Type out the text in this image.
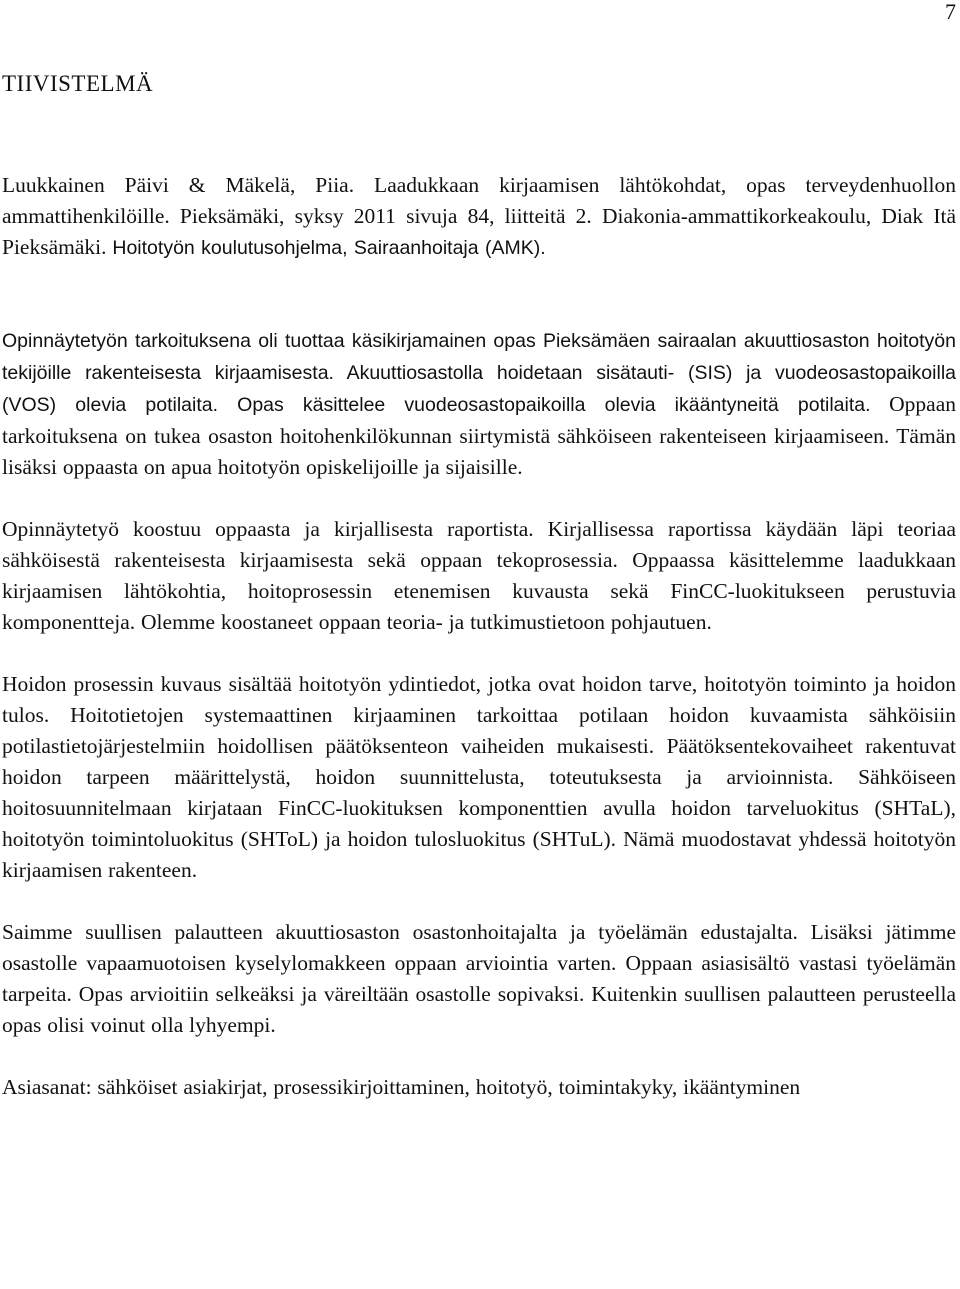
7
TIIVISTELMÄ

Luukkainen Päivi & Mäkelä, Piia. Laadukkaan kirjaamisen lähtökohdat, opas terveydenhuollon ammattihenkilöille. Pieksämäki, syksy 2011 sivuja 84, liitteitä 2. Diakonia-ammattikorkeakoulu, Diak Itä Pieksämäki. Hoitotyön koulutusohjelma, Sairaanhoitaja (AMK).

Opinnäytetyön tarkoituksena oli tuottaa käsikirjamainen opas Pieksämäen sairaalan akuuttiosaston hoitotyön tekijöille rakenteisesta kirjaamisesta. Akuuttiosastolla hoidetaan sisätauti- (SIS) ja vuodeosastopaikoilla (VOS) olevia potilaita. Opas käsittelee vuodeosastopaikoilla olevia ikääntyneitä potilaita. Oppaan tarkoituksena on tukea osaston hoitohenkilökunnan siirtymistä sähköiseen rakenteiseen kirjaamiseen. Tämän lisäksi oppaasta on apua hoitotyön opiskelijoille ja sijaisille.

Opinnäytetyö koostuu oppaasta ja kirjallisesta raportista. Kirjallisessa raportissa käydään läpi teoriaa sähköisestä rakenteisesta kirjaamisesta sekä oppaan tekoprosessia. Oppaassa käsittelemme laadukkaan kirjaamisen lähtökohtia, hoitoprosessin etenemisen kuvausta sekä FinCC-luokitukseen perustuvia komponentteja. Olemme koostaneet oppaan teoria- ja tutkimustietoon pohjautuen.

Hoidon prosessin kuvaus sisältää hoitotyön ydintiedot, jotka ovat hoidon tarve, hoitotyön toiminto ja hoidon tulos. Hoitotietojen systemaattinen kirjaaminen tarkoittaa potilaan hoidon kuvaamista sähköisiin potilastietojärjestelmiin hoidollisen päätöksenteon vaiheiden mukaisesti. Päätöksentekovaiheet rakentuvat hoidon tarpeen määrittelystä, hoidon suunnittelusta, toteutuksesta ja arvioinnista. Sähköiseen hoitosuunnitelmaan kirjataan FinCC-luokituksen komponenttien avulla hoidon tarveluokitus (SHTaL), hoitotyön toimintoluokitus (SHToL) ja hoidon tulosluokitus (SHTuL). Nämä muodostavat yhdessä hoitotyön kirjaamisen rakenteen.

Saimme suullisen palautteen akuuttiosaston osastonhoitajalta ja työelämän edustajalta. Lisäksi jätimme osastolle vapaamuotoisen kyselylomakkeen oppaan arviointia varten. Oppaan asiasisältö vastasi työelämän tarpeita. Opas arvioitiin selkeäksi ja väreiltään osastolle sopivaksi. Kuitenkin suullisen palautteen perusteella opas olisi voinut olla lyhyempi.

Asiasanat: sähköiset asiakirjat, prosessikirjoittaminen, hoitotyö, toimintakyky, ikääntyminen
